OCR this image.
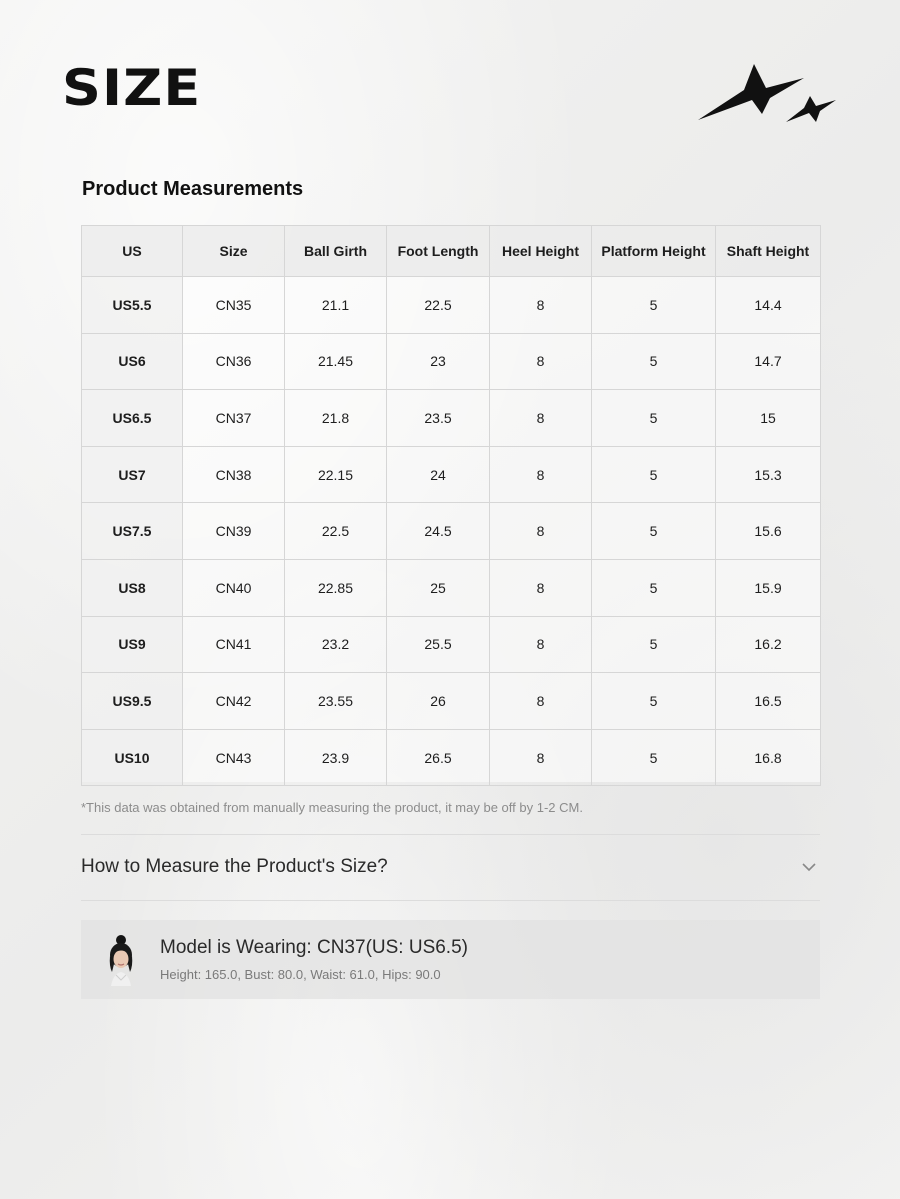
SIZE
Product Measurements
US	Size	Ball Girth	Foot Length	Heel Height	Platform Height	Shaft Height
US5.5	CN35	21.1	22.5	8	5	14.4
US6	CN36	21.45	23	8	5	14.7
US6.5	CN37	21.8	23.5	8	5	15
US7	CN38	22.15	24	8	5	15.3
US7.5	CN39	22.5	24.5	8	5	15.6
US8	CN40	22.85	25	8	5	15.9
US9	CN41	23.2	25.5	8	5	16.2
US9.5	CN42	23.55	26	8	5	16.5
US10	CN43	23.9	26.5	8	5	16.8
*This data was obtained from manually measuring the product, it may be off by 1-2 CM.
How to Measure the Product's Size?
Model is Wearing: CN37(US: US6.5)
Height: 165.0, Bust: 80.0, Waist: 61.0, Hips: 90.0
